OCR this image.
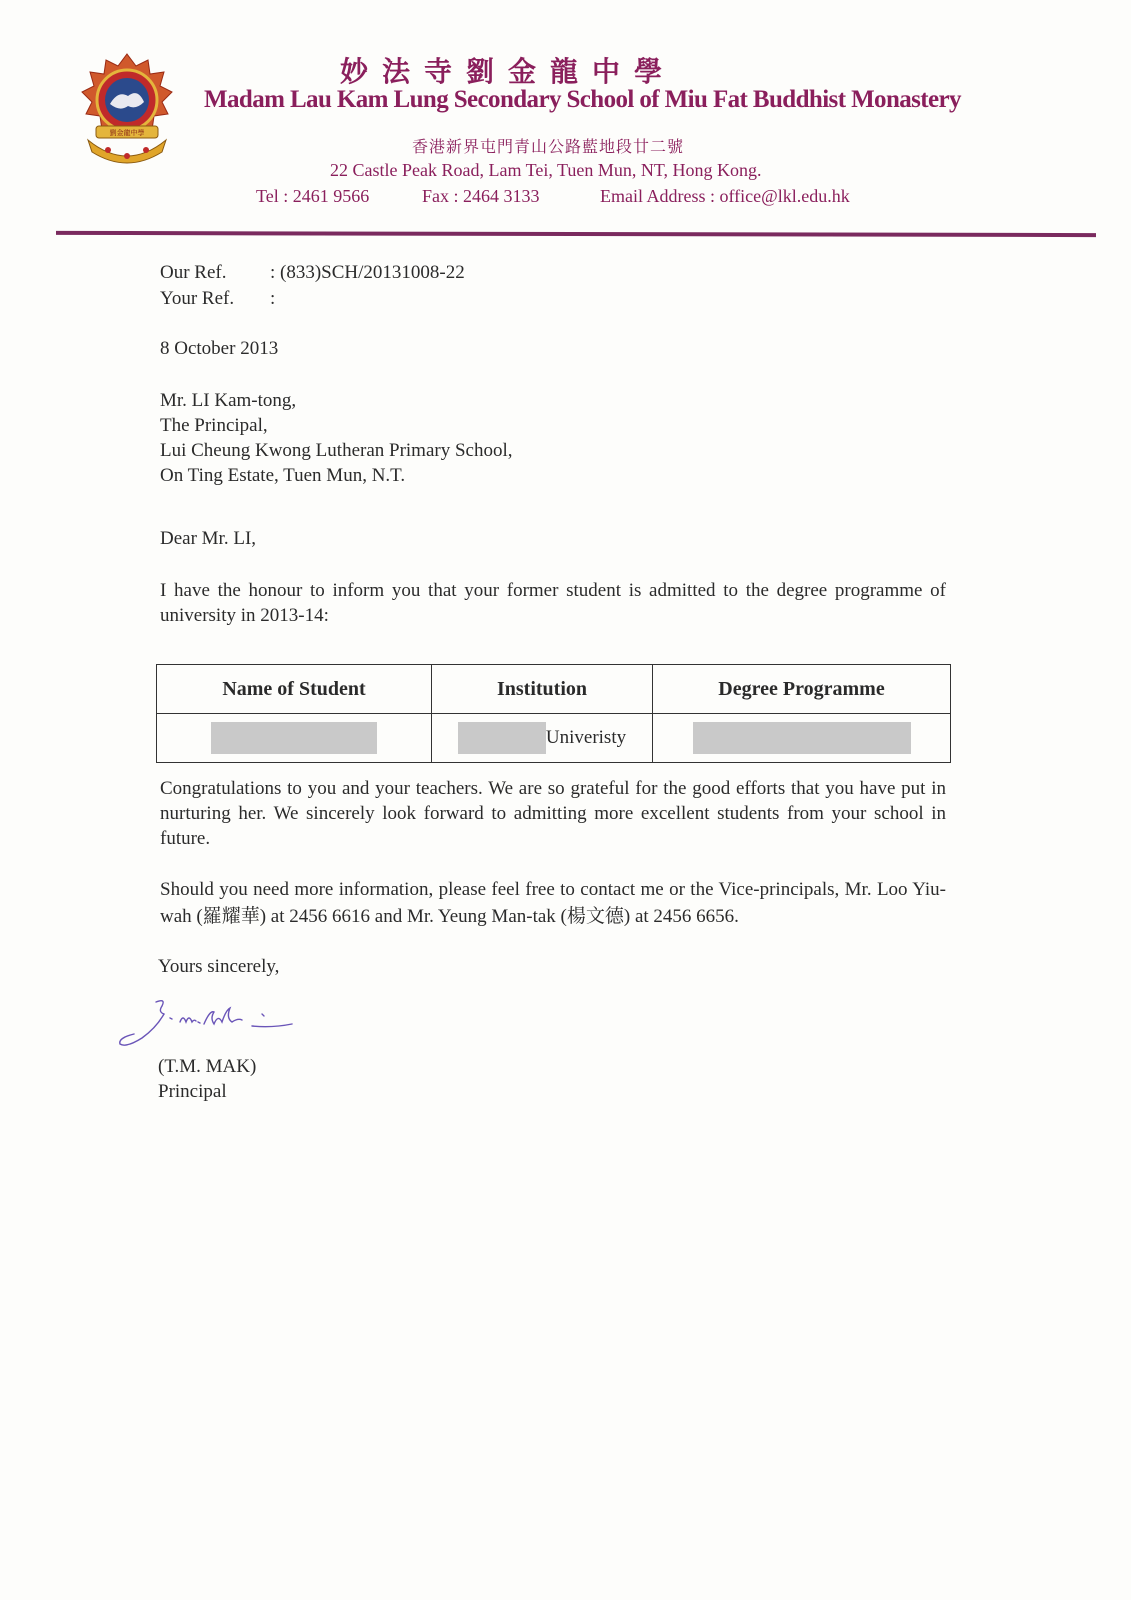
劉金龍中學
妙法寺劉金龍中學
Madam Lau Kam Lung Secondary School of Miu Fat Buddhist Monastery
香港新界屯門青山公路藍地段廿二號
22 Castle Peak Road, Lam Tei, Tuen Mun, NT, Hong Kong.
Tel : 2461 9566	Fax : 2464 3133	Email Address : office@lkl.edu.hk
Our Ref. : (833)SCH/20131008-22
Your Ref. :
8 October 2013
Mr. LI Kam-tong,
The Principal,
Lui Cheung Kwong Lutheran Primary School,
On Ting Estate, Tuen Mun, N.T.
Dear Mr. LI,
I have the honour to inform you that your former student is admitted to the degree programme of university in 2013-14:
Name of Student	Institution	Degree Programme
	Univeristy	
Congratulations to you and your teachers. We are so grateful for the good efforts that you have put in nurturing her. We sincerely look forward to admitting more excellent students from your school in future.
Should you need more information, please feel free to contact me or the Vice-principals, Mr. Loo Yiu-wah (羅耀華) at 2456 6616 and Mr. Yeung Man-tak (楊文德) at 2456 6656.
Yours sincerely,
(T.M. MAK)
Principal
